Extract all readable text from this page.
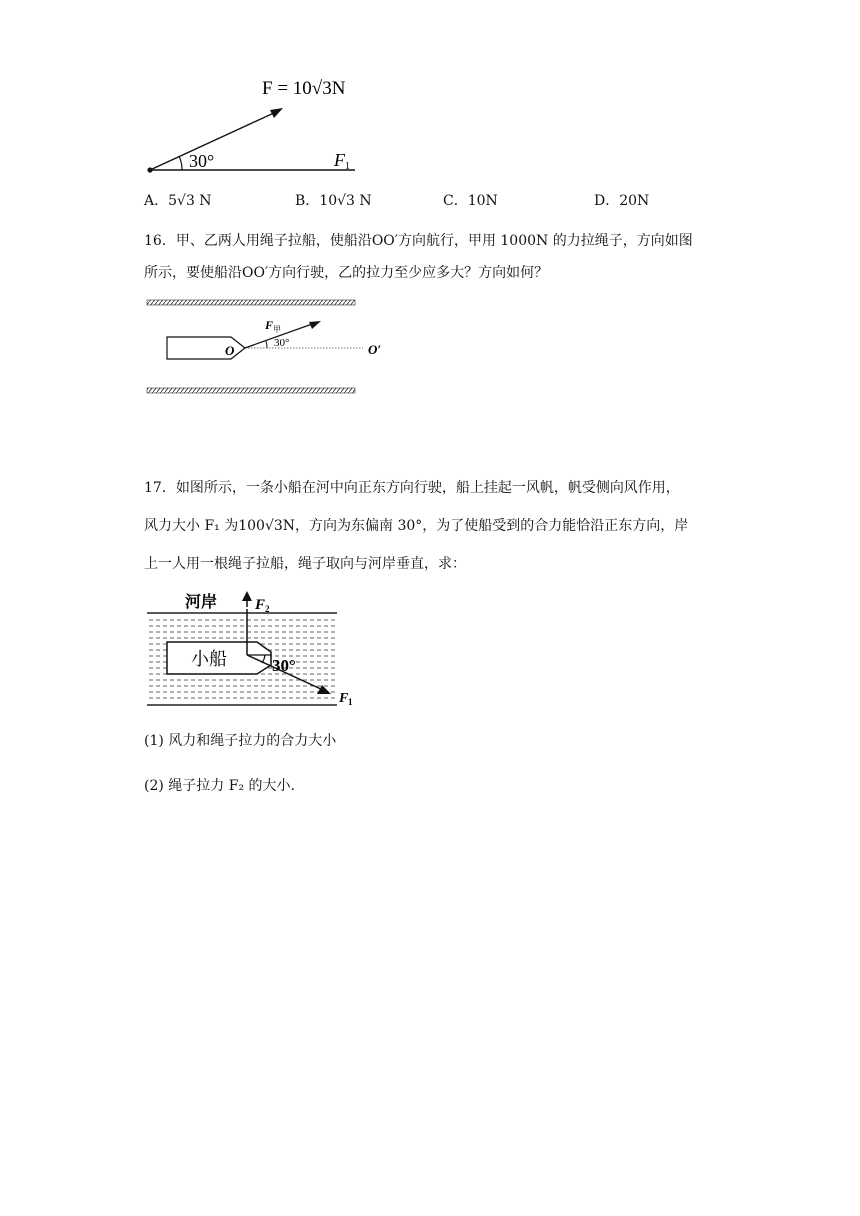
F = 10√3N
30°	F 1
A．5√3 N	B．10√3 N	C．10N	D．20N
16．甲、乙两人用绳子拉船，使船沿OO′方向航行，甲用 1000N 的力拉绳子，方向如图
所示，要使船沿OO′方向行驶，乙的拉力至少应多大？方向如何？
F 甲
30°
O	O′
17．如图所示，一条小船在河中向正东方向行驶，船上挂起一风帆，帆受侧向风作用，
风力大小 F₁ 为100√3N，方向为东偏南 30°，为了使船受到的合力能恰沿正东方向，岸
上一人用一根绳子拉船，绳子取向与河岸垂直，求：
河岸	F 2
小船	30°
F 1
(1) 风力和绳子拉力的合力大小
(2) 绳子拉力 F₂ 的大小.
